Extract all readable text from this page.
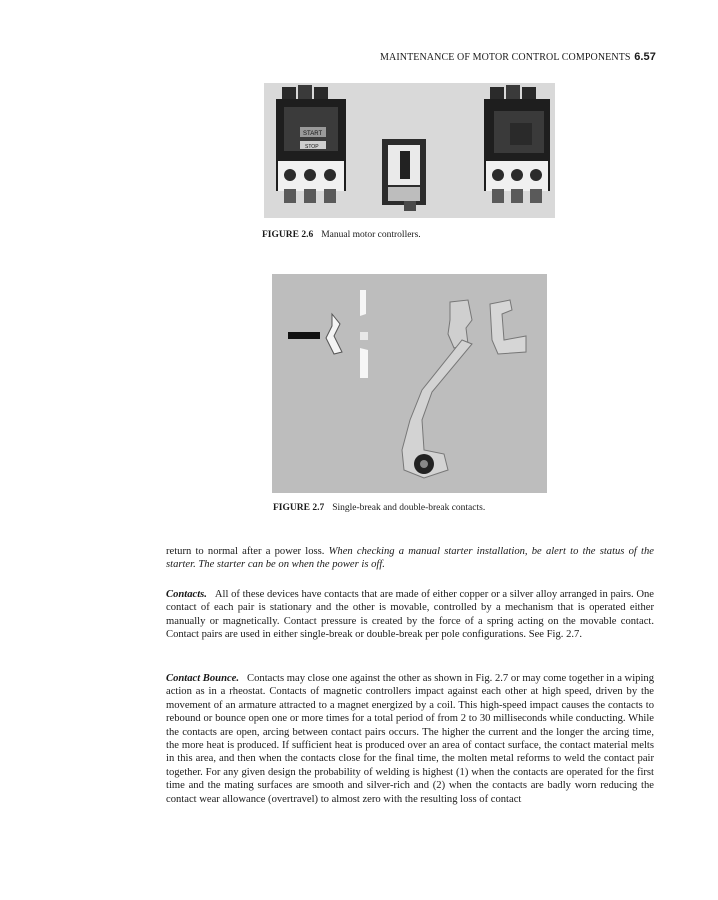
MAINTENANCE OF MOTOR CONTROL COMPONENTS 6.57
START
STOP
FIGURE 2.6 Manual motor controllers.
FIGURE 2.7 Single-break and double-break contacts.
return to normal after a power loss. When checking a manual starter installation, be alert to the status of the starter. The starter can be on when the power is off.
Contacts. All of these devices have contacts that are made of either copper or a silver alloy arranged in pairs. One contact of each pair is stationary and the other is movable, controlled by a mechanism that is operated either manually or magnetically. Contact pressure is created by the force of a spring acting on the movable contact. Contact pairs are used in either single-break or double-break per pole configurations. See Fig. 2.7.
Contact Bounce. Contacts may close one against the other as shown in Fig. 2.7 or may come together in a wiping action as in a rheostat. Contacts of magnetic controllers impact against each other at high speed, driven by the movement of an armature attracted to a magnet energized by a coil. This high-speed impact causes the contacts to rebound or bounce open one or more times for a total period of from 2 to 30 milliseconds while conducting. While the contacts are open, arcing between contact pairs occurs. The higher the current and the longer the arcing time, the more heat is produced. If sufficient heat is produced over an area of contact surface, the contact material melts in this area, and then when the contacts close for the final time, the molten metal reforms to weld the contact pair together. For any given design the probability of welding is highest (1) when the contacts are operated for the first time and the mating surfaces are smooth and silver-rich and (2) when the contacts are badly worn reducing the contact wear allowance (overtravel) to almost zero with the resulting loss of contact
